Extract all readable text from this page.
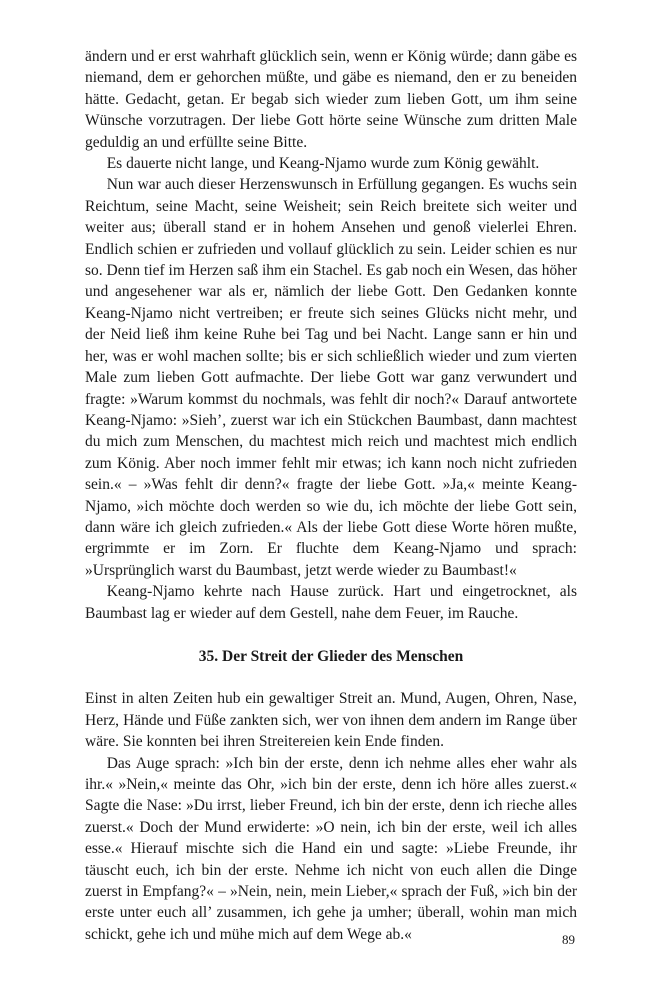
ändern und er erst wahrhaft glücklich sein, wenn er König würde; dann gäbe es niemand, dem er gehorchen müßte, und gäbe es niemand, den er zu beneiden hätte. Gedacht, getan. Er begab sich wieder zum lieben Gott, um ihm seine Wünsche vorzutragen. Der liebe Gott hörte seine Wünsche zum dritten Male geduldig an und erfüllte seine Bitte.

Es dauerte nicht lange, und Keang-Njamo wurde zum König gewählt.

Nun war auch dieser Herzenswunsch in Erfüllung gegangen. Es wuchs sein Reichtum, seine Macht, seine Weisheit; sein Reich breitete sich weiter und weiter aus; überall stand er in hohem Ansehen und genoß vielerlei Ehren. Endlich schien er zufrieden und vollauf glücklich zu sein. Leider schien es nur so. Denn tief im Herzen saß ihm ein Stachel. Es gab noch ein Wesen, das höher und angesehener war als er, nämlich der liebe Gott. Den Gedanken konnte Keang-Njamo nicht vertreiben; er freute sich seines Glücks nicht mehr, und der Neid ließ ihm keine Ruhe bei Tag und bei Nacht. Lange sann er hin und her, was er wohl machen sollte; bis er sich schließlich wieder und zum vierten Male zum lieben Gott aufmachte. Der liebe Gott war ganz verwundert und fragte: »Warum kommst du nochmals, was fehlt dir noch?« Darauf antwortete Keang-Njamo: »Sieh’, zuerst war ich ein Stückchen Baumbast, dann machtest du mich zum Menschen, du machtest mich reich und machtest mich endlich zum König. Aber noch immer fehlt mir etwas; ich kann noch nicht zufrieden sein.« – »Was fehlt dir denn?« fragte der liebe Gott. »Ja,« meinte Keang-Njamo, »ich möchte doch werden so wie du, ich möchte der liebe Gott sein, dann wäre ich gleich zufrieden.« Als der liebe Gott diese Worte hören mußte, ergrimmte er im Zorn. Er fluchte dem Keang-Njamo und sprach: »Ursprünglich warst du Baumbast, jetzt werde wieder zu Baumbast!«

Keang-Njamo kehrte nach Hause zurück. Hart und eingetrocknet, als Baumbast lag er wieder auf dem Gestell, nahe dem Feuer, im Rauche.

35. Der Streit der Glieder des Menschen

Einst in alten Zeiten hub ein gewaltiger Streit an. Mund, Augen, Ohren, Nase, Herz, Hände und Füße zankten sich, wer von ihnen dem andern im Range über wäre. Sie konnten bei ihren Streitereien kein Ende finden.

Das Auge sprach: »Ich bin der erste, denn ich nehme alles eher wahr als ihr.« »Nein,« meinte das Ohr, »ich bin der erste, denn ich höre alles zuerst.« Sagte die Nase: »Du irrst, lieber Freund, ich bin der erste, denn ich rieche alles zuerst.« Doch der Mund erwiderte: »O nein, ich bin der erste, weil ich alles esse.« Hierauf mischte sich die Hand ein und sagte: »Liebe Freunde, ihr täuscht euch, ich bin der erste. Nehme ich nicht von euch allen die Dinge zuerst in Empfang?« – »Nein, nein, mein Lieber,« sprach der Fuß, »ich bin der erste unter euch all’ zusammen, ich gehe ja umher; überall, wohin man mich schickt, gehe ich und mühe mich auf dem Wege ab.«	89
